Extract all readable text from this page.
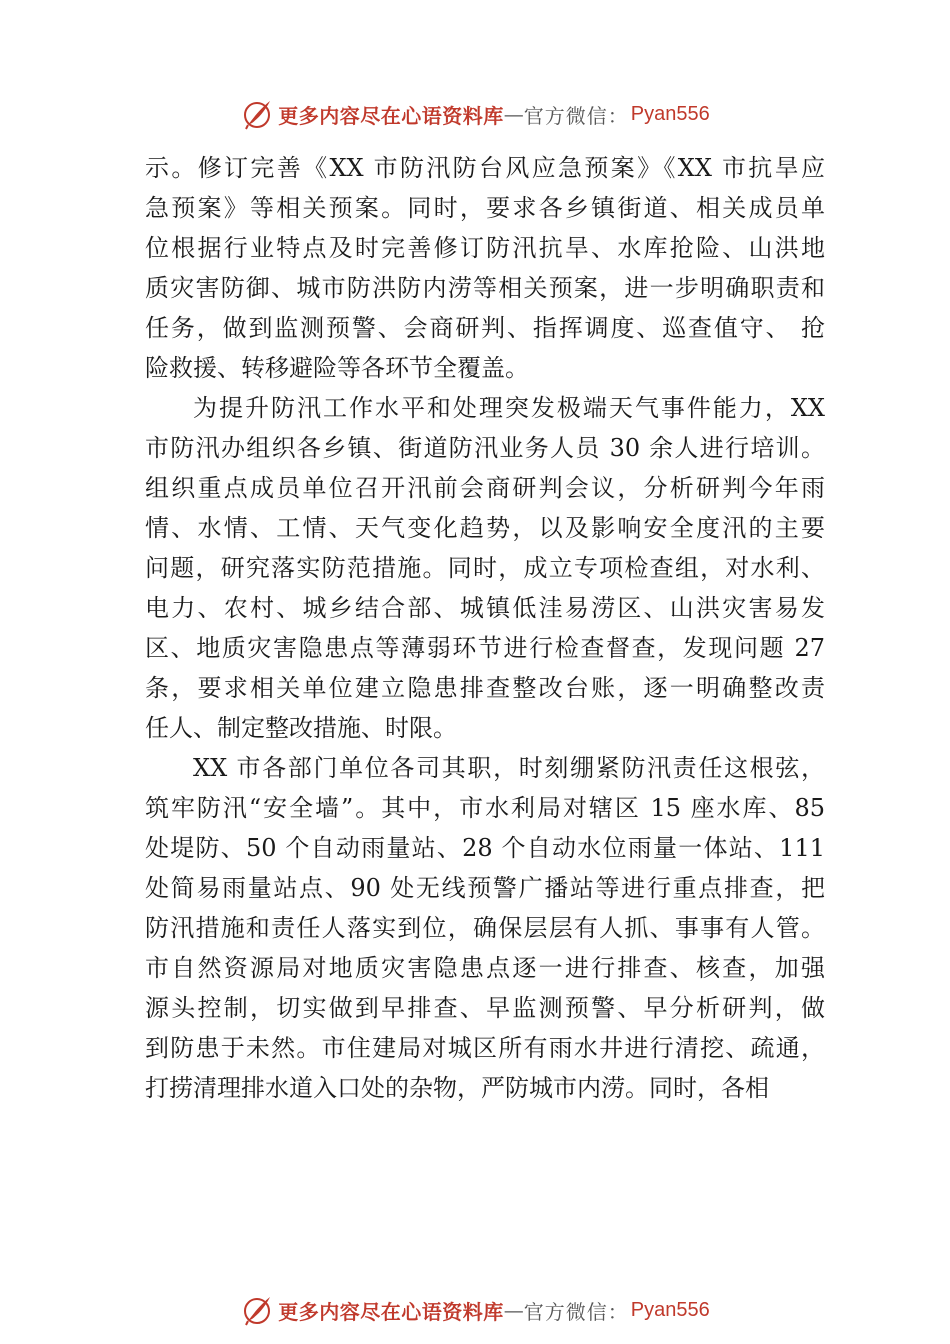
更多内容尽在心语资料库 — 官方微信： Pyan556
示。修订完善《XX 市防汛防台风应急预案》《XX 市抗旱应
急预案》等相关预案。同时，要求各乡镇街道、相关成员单
位根据行业特点及时完善修订防汛抗旱、水库抢险、山洪地
质灾害防御、城市防洪防内涝等相关预案，进一步明确职责和
任务，做到监测预警、会商研判、指挥调度、巡查值守、 抢
险救援、转移避险等各环节全覆盖。
为提升防汛工作水平和处理突发极端天气事件能力，XX
市防汛办组织各乡镇、街道防汛业务人员 30 余人进行培训。
组织重点成员单位召开汛前会商研判会议，分析研判今年雨
情、水情、工情、天气变化趋势，以及影响安全度汛的主要
问题，研究落实防范措施。同时，成立专项检查组，对水利、
电力、农村、城乡结合部、城镇低洼易涝区、山洪灾害易发
区、地质灾害隐患点等薄弱环节进行检查督查，发现问题 27
条，要求相关单位建立隐患排查整改台账，逐一明确整改责
任人、制定整改措施、时限。
XX 市各部门单位各司其职，时刻绷紧防汛责任这根弦，
筑牢防汛“安全墙”。其中，市水利局对辖区 15 座水库、85
处堤防、50 个自动雨量站、28 个自动水位雨量一体站、111
处简易雨量站点、90 处无线预警广播站等进行重点排查，把
防汛措施和责任人落实到位，确保层层有人抓、事事有人管。
市自然资源局对地质灾害隐患点逐一进行排查、核查，加强
源头控制，切实做到早排查、早监测预警、早分析研判，做
到防患于未然。市住建局对城区所有雨水井进行清挖、疏通，
打捞清理排水道入口处的杂物，严防城市内涝。同时，各相
更多内容尽在心语资料库 — 官方微信： Pyan556
